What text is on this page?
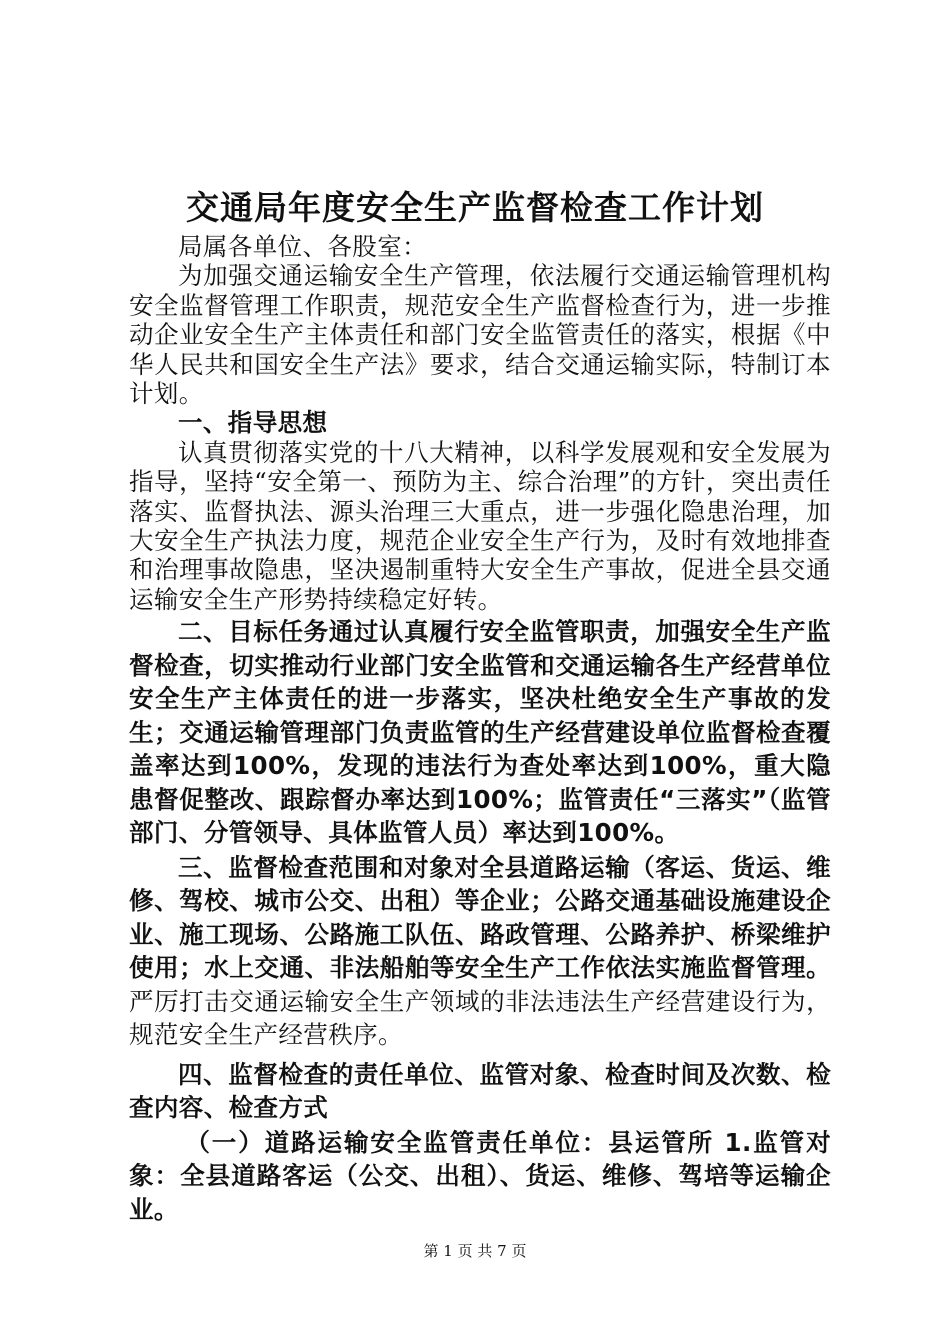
交通局年度安全生产监督检查工作计划

局属各单位、各股室：

为加强交通运输安全生产管理，依法履行交通运输管理机构安全监督管理工作职责，规范安全生产监督检查行为，进一步推动企业安全生产主体责任和部门安全监管责任的落实，根据《中华人民共和国安全生产法》要求，结合交通运输实际，特制订本计划。

一、指导思想

认真贯彻落实党的十八大精神，以科学发展观和安全发展为指导，坚持“安全第一、预防为主、综合治理”的方针，突出责任落实、监督执法、源头治理三大重点，进一步强化隐患治理，加大安全生产执法力度，规范企业安全生产行为，及时有效地排查和治理事故隐患，坚决遏制重特大安全生产事故，促进全县交通运输安全生产形势持续稳定好转。

二、目标任务通过认真履行安全监管职责，加强安全生产监督检查，切实推动行业部门安全监管和交通运输各生产经营单位安全生产主体责任的进一步落实，坚决杜绝安全生产事故的发生；交通运输管理部门负责监管的生产经营建设单位监督检查覆盖率达到100%，发现的违法行为查处率达到100%，重大隐患督促整改、跟踪督办率达到100%；监管责任“三落实”（监管部门、分管领导、具体监管人员）率达到100%。

三、监督检查范围和对象对全县道路运输（客运、货运、维修、驾校、城市公交、出租）等企业；公路交通基础设施建设企业、施工现场、公路施工队伍、路政管理、公路养护、桥梁维护使用；水上交通、非法船舶等安全生产工作依法实施监督管理。严厉打击交通运输安全生产领域的非法违法生产经营建设行为，规范安全生产经营秩序。

四、监督检查的责任单位、监管对象、检查时间及次数、检查内容、检查方式

（一）道路运输安全监管责任单位：县运管所 1.监管对象：全县道路客运（公交、出租）、货运、维修、驾培等运输企业。

第 1 页 共 7 页
